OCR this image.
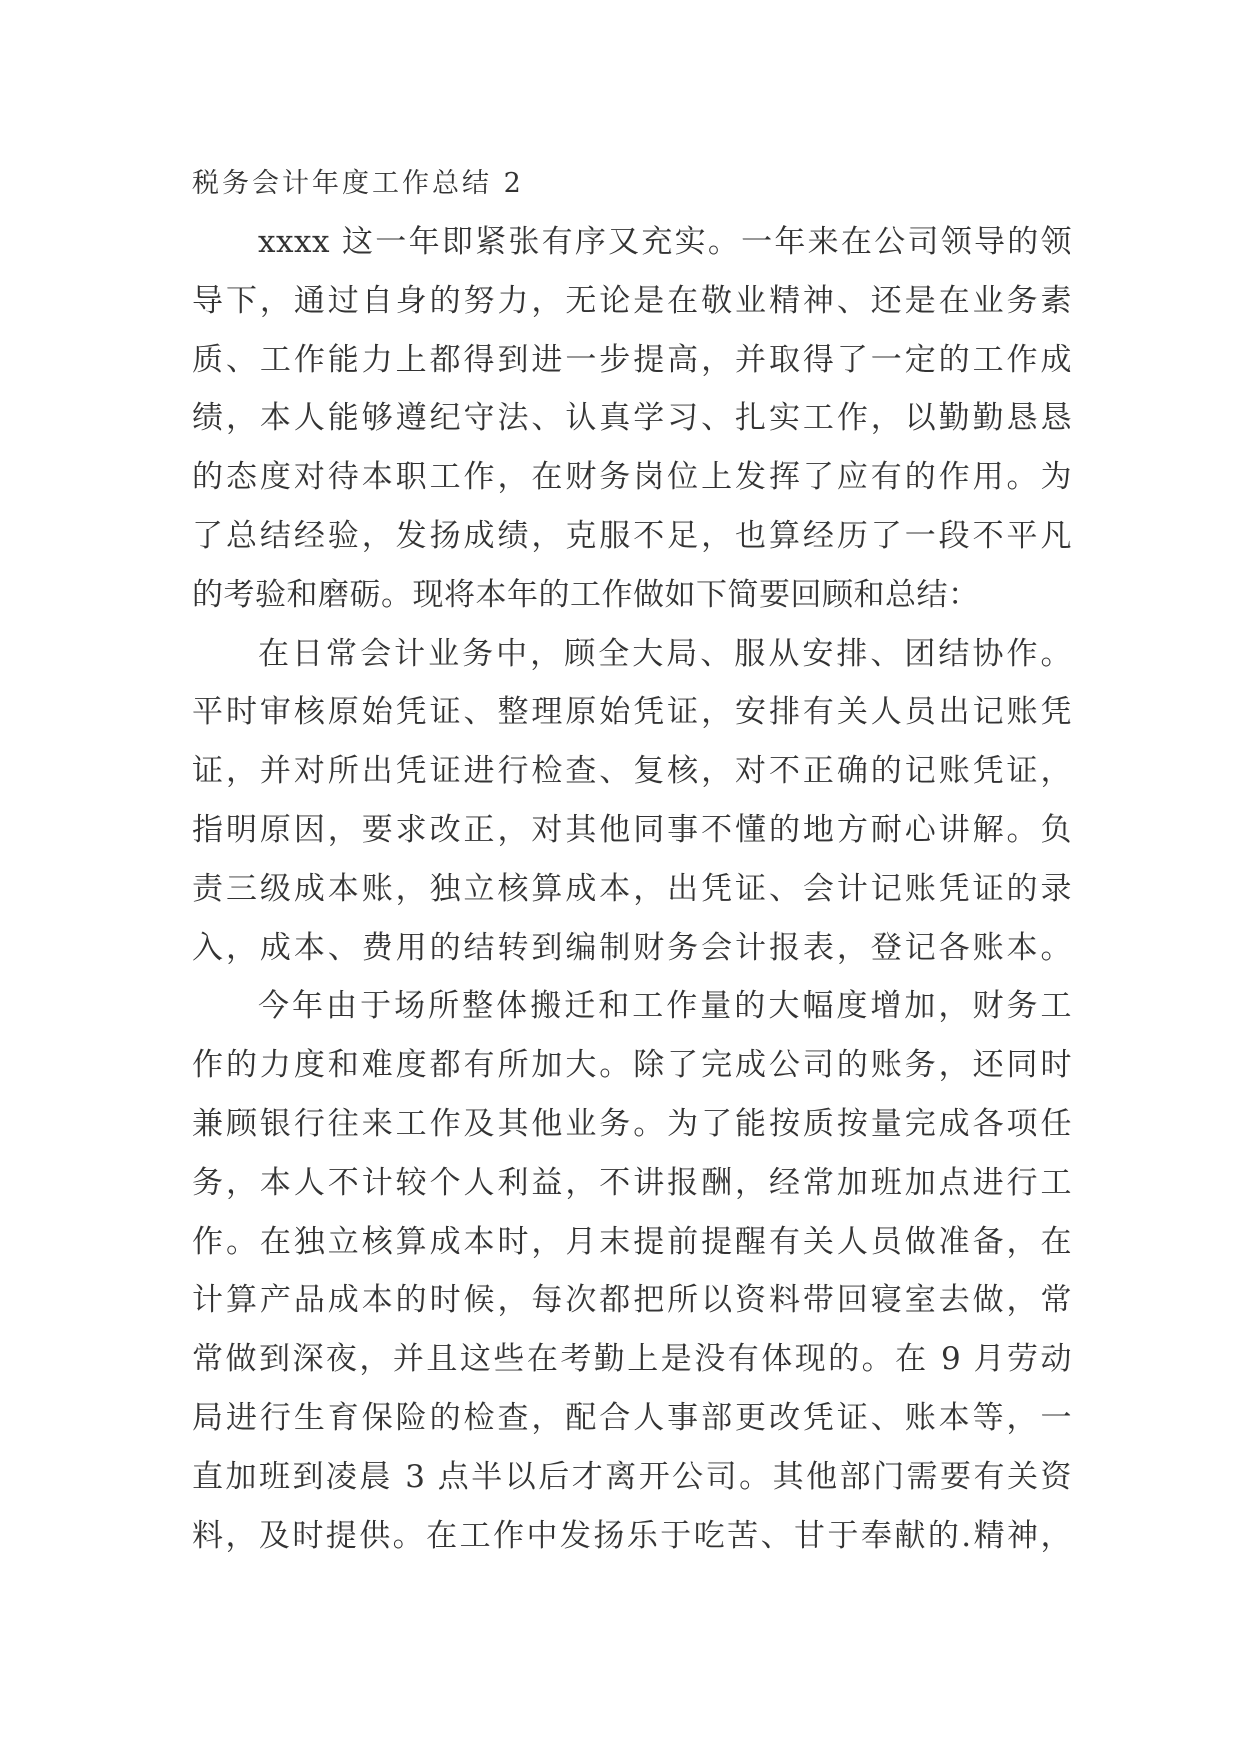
税务会计年度工作总结 2
xxxx 这一年即紧张有序又充实。一年来在公司领导的领
导下，通过自身的努力，无论是在敬业精神、还是在业务素
质、工作能力上都得到进一步提高，并取得了一定的工作成
绩，本人能够遵纪守法、认真学习、扎实工作，以勤勤恳恳
的态度对待本职工作，在财务岗位上发挥了应有的作用。为
了总结经验，发扬成绩，克服不足，也算经历了一段不平凡
的考验和磨砺。现将本年的工作做如下简要回顾和总结：
在日常会计业务中，顾全大局、服从安排、团结协作。
平时审核原始凭证、整理原始凭证，安排有关人员出记账凭
证，并对所出凭证进行检查、复核，对不正确的记账凭证，
指明原因，要求改正，对其他同事不懂的地方耐心讲解。负
责三级成本账，独立核算成本，出凭证、会计记账凭证的录
入，成本、费用的结转到编制财务会计报表，登记各账本。
今年由于场所整体搬迁和工作量的大幅度增加，财务工
作的力度和难度都有所加大。除了完成公司的账务，还同时
兼顾银行往来工作及其他业务。为了能按质按量完成各项任
务，本人不计较个人利益，不讲报酬，经常加班加点进行工
作。在独立核算成本时，月末提前提醒有关人员做准备，在
计算产品成本的时候，每次都把所以资料带回寝室去做，常
常做到深夜，并且这些在考勤上是没有体现的。在 9 月劳动
局进行生育保险的检查，配合人事部更改凭证、账本等，一
直加班到凌晨 3 点半以后才离开公司。其他部门需要有关资
料，及时提供。在工作中发扬乐于吃苦、甘于奉献的.精神，
